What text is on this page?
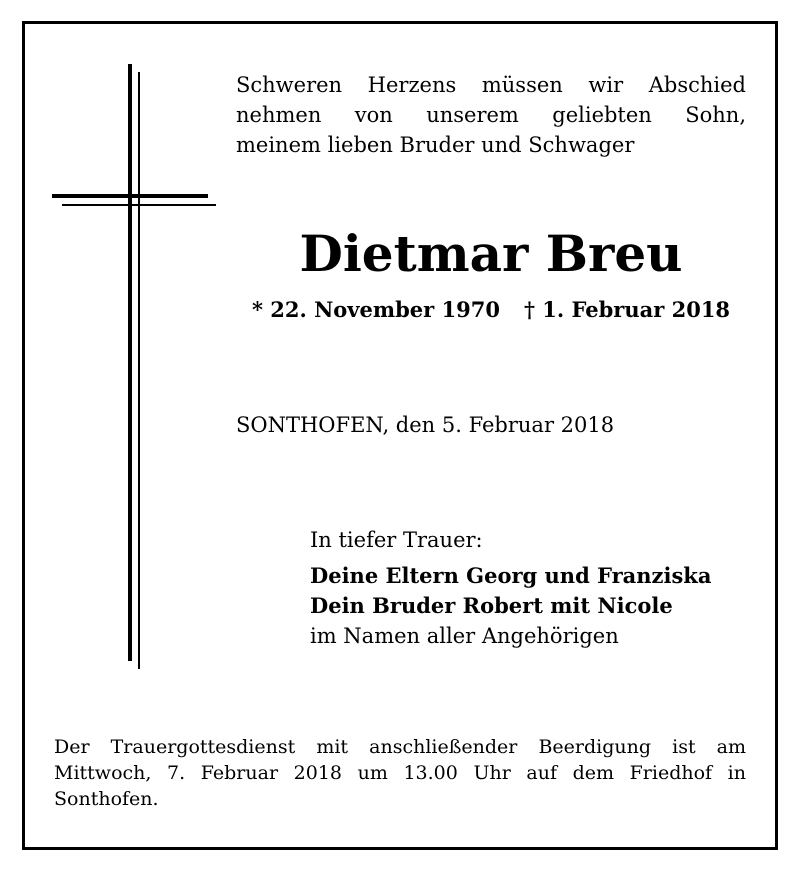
Schweren Herzens müssen wir Abschied
nehmen von unserem geliebten Sohn,
meinem lieben Bruder und Schwager
Dietmar Breu
* 22. November 1970 † 1. Februar 2018
SONTHOFEN, den 5. Februar 2018
In tiefer Trauer:
Deine Eltern Georg und Franziska
Dein Bruder Robert mit Nicole
im Namen aller Angehörigen
Der Trauergottesdienst mit anschließender Beerdigung ist am
Mittwoch, 7. Februar 2018 um 13.00 Uhr auf dem Friedhof in
Sonthofen.
